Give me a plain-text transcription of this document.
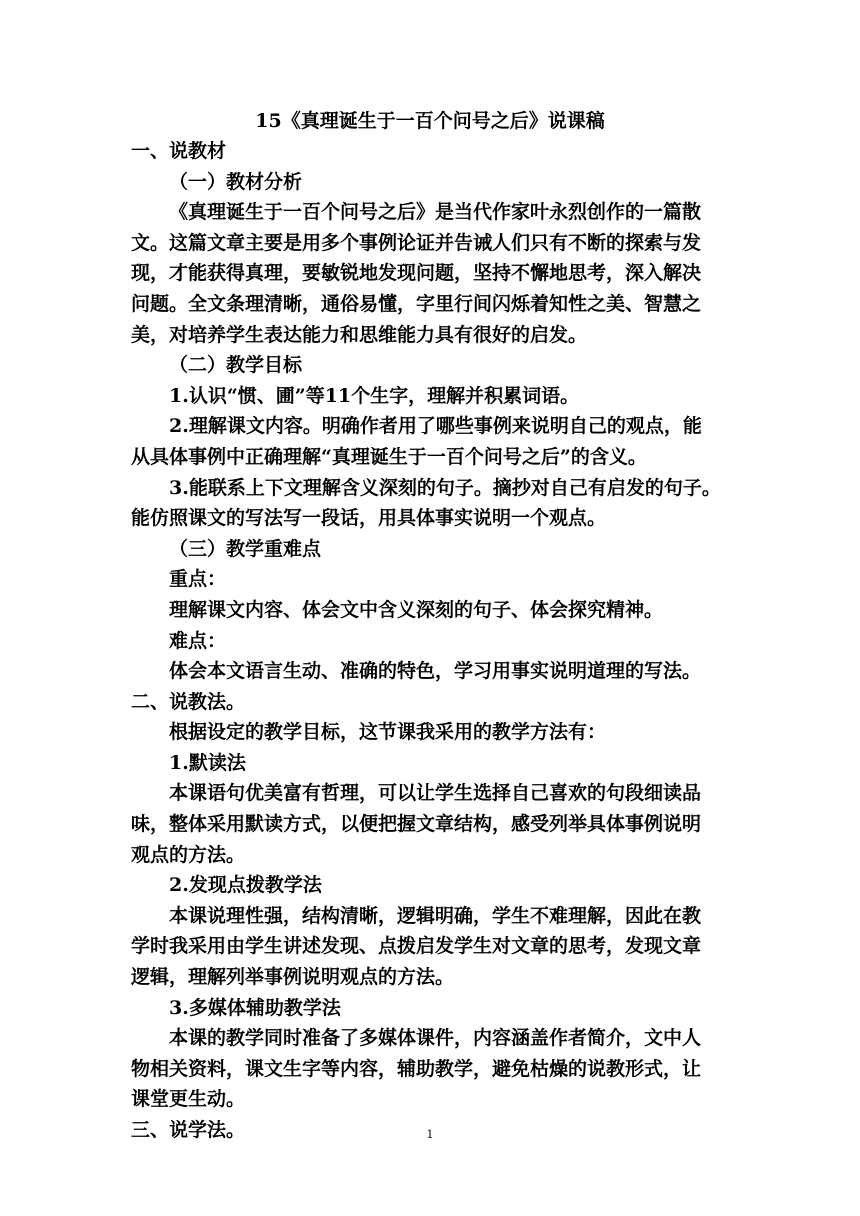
15《真理诞生于一百个问号之后》说课稿
一、说教材
（一）教材分析
《真理诞生于一百个问号之后》是当代作家叶永烈创作的一篇散
文。这篇文章主要是用多个事例论证并告诫人们只有不断的探索与发
现，才能获得真理，要敏锐地发现问题，坚持不懈地思考，深入解决
问题。全文条理清晰，通俗易懂，字里行间闪烁着知性之美、智慧之
美，对培养学生表达能力和思维能力具有很好的启发。
（二）教学目标
1.认识“惯、圃”等11个生字，理解并积累词语。
2.理解课文内容。明确作者用了哪些事例来说明自己的观点，能
从具体事例中正确理解“真理诞生于一百个问号之后”的含义。
3.能联系上下文理解含义深刻的句子。摘抄对自己有启发的句子。
能仿照课文的写法写一段话，用具体事实说明一个观点。
（三）教学重难点
重点：
理解课文内容、体会文中含义深刻的句子、体会探究精神。
难点：
体会本文语言生动、准确的特色，学习用事实说明道理的写法。
二、说教法。
根据设定的教学目标，这节课我采用的教学方法有：
1.默读法
本课语句优美富有哲理，可以让学生选择自己喜欢的句段细读品
味，整体采用默读方式，以便把握文章结构，感受列举具体事例说明
观点的方法。
2.发现点拨教学法
本课说理性强，结构清晰，逻辑明确，学生不难理解，因此在教
学时我采用由学生讲述发现、点拨启发学生对文章的思考，发现文章
逻辑，理解列举事例说明观点的方法。
3.多媒体辅助教学法
本课的教学同时准备了多媒体课件，内容涵盖作者简介，文中人
物相关资料，课文生字等内容，辅助教学，避免枯燥的说教形式，让
课堂更生动。
三、说学法。	1
